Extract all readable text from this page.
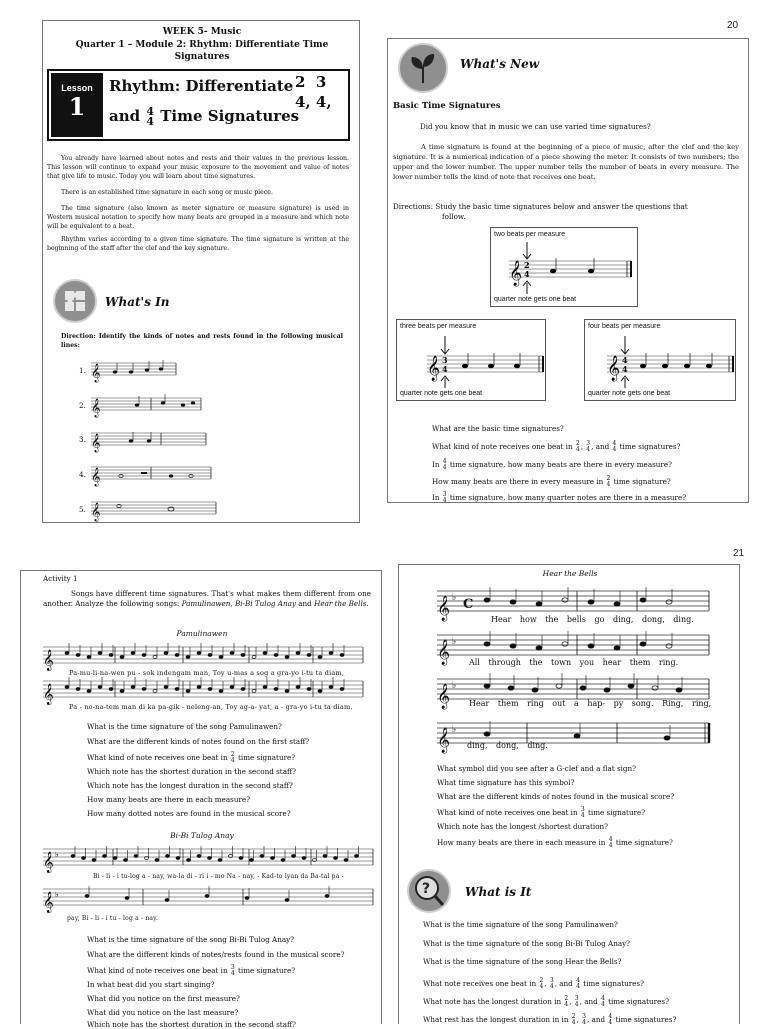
WEEK 5- Music
Quarter 1 – Module 2: Rhythm: Differentiate Time Signatures
Lesson
1
Rhythm: Differentiate
and 4
4 Time Signatures
2  3
4, 4,
You already have learned about notes and rests and their values in the previous lesson. This lesson will continue to expand your music exposure to the movement and value of notes that give life to music. Today you will learn about time signatures.
There is an established time signature in each song or music piece.
The time signature (also known as meter signature or measure signature) is used in Western musical notation to specify how many beats are grouped in a measure and which note will be equivalent to a beat.
Rhythm varies according to a given time signature. The time signature is written at the beginning of the staff after the clef and the key signature.
What's In
Direction: Identify the kinds of notes and rests found in the following musical lines:
1.
2.
3.
4.
5.
𝄞
𝄞
𝄞
𝄞
𝄞
20
What's New
Basic Time Signatures
Did you know that in music we can use varied time signatures?
A time signature is found at the beginning of a piece of music, after the clef and the key signature. It is a numerical indication of a piece showing the meter. It consists of two numbers; the upper and the lower number. The upper number tells the number of beats in every measure. The lower number tells the kind of note that receives one beat.
Directions: Study the basic time signatures below and answer the questions that
follow.
two beats per measure
quarter note gets one beat
𝄞 2
4
three beats per measure
quarter note gets one beat
𝄞 3
4
four beats per measure
quarter note gets one beat
𝄞 4
4
What are the basic time signatures?
What kind of note receives one beat in 2
4 , 3
4 , and 4
4 time signatures?
In 4
4 time signature, how many beats are there in every measure?
How many beats are there in every measure in 2
4 time signature?
In 3
4 time signature, how many quarter notes are there in a measure?
Activity 1
Songs have different time signatures. That's what makes them different from one another. Analyze the following songs: Pamulinawen, Bi-Bi Tulog Anay and Hear the Bells.
Pamulinawen
𝄞
𝄞
Pa-mu-li-na-wen pu - sok indengam man, Toy u-mas a sog a gra-yo i-tu ta diam,
Pa - no-na-tem man di ka pa-gik - neleng-an, Toy ag-a- yat, a - gra-yo i-tu ta diam.
What is the time signature of the song Pamulinawen?
What are the different kinds of notes found on the first staff?
What kind of note receives one beat in 2
4 time signature?
Which note has the shortest duration in the second staff?
Which note has the longest duration in the second staff?
How many beats are there in each measure?
How many dotted notes are found in the musical score?
Bi-Bi Tulog Anay
𝄞
𝄞
♭
♭
Bi - li - i tu-log a - nay, wa-la di - ri i - mo Na - nay, - Kad-to lyan da Ba-tal pa -
pay, Bi - li - i tu - log a - nay.
What is the time signature of the song Bi-Bi Tulog Anay?
What are the different kinds of notes/rests found in the musical score?
What kind of note receives one beat in 3
4 time signature?
In what beat did you start singing?
What did you notice on the first measure?
What did you notice on the last measure?
Which note has the shortest duration in the second staff?
21
Hear the Bells
𝄞
𝄞
𝄞
𝄞
♭
♭
♭
♭
C
Hear how the bells go ding, dong, ding.
All through the town you hear them ring.
Hear them ring out a hap- py song. Ring, ring,
ding, dong, ding.
What symbol did you see after a G-clef and a flat sign?
What time signature has this symbol?
What are the different kinds of notes found in the musical score?
What kind of note receives one beat in 3
4 time signature?
Which note has the longest /shortest duration?
How many beats are there in each measure in 4
4 time signature?
?	What is It
What is the time signature of the song Pamulinawen?
What is the time signature of the song Bi-Bi Tulog Anay?
What is the time signature of the song Hear the Bells?
What note receives one beat in 2
4 , 3
4 , and 4
4 time signatures?
What note has the longest duration in 2
4 , 3
4 , and 4
4 time signatures?
What rest has the longest duration in in 2
4 , 3
4 , and 4
4 time signatures?
